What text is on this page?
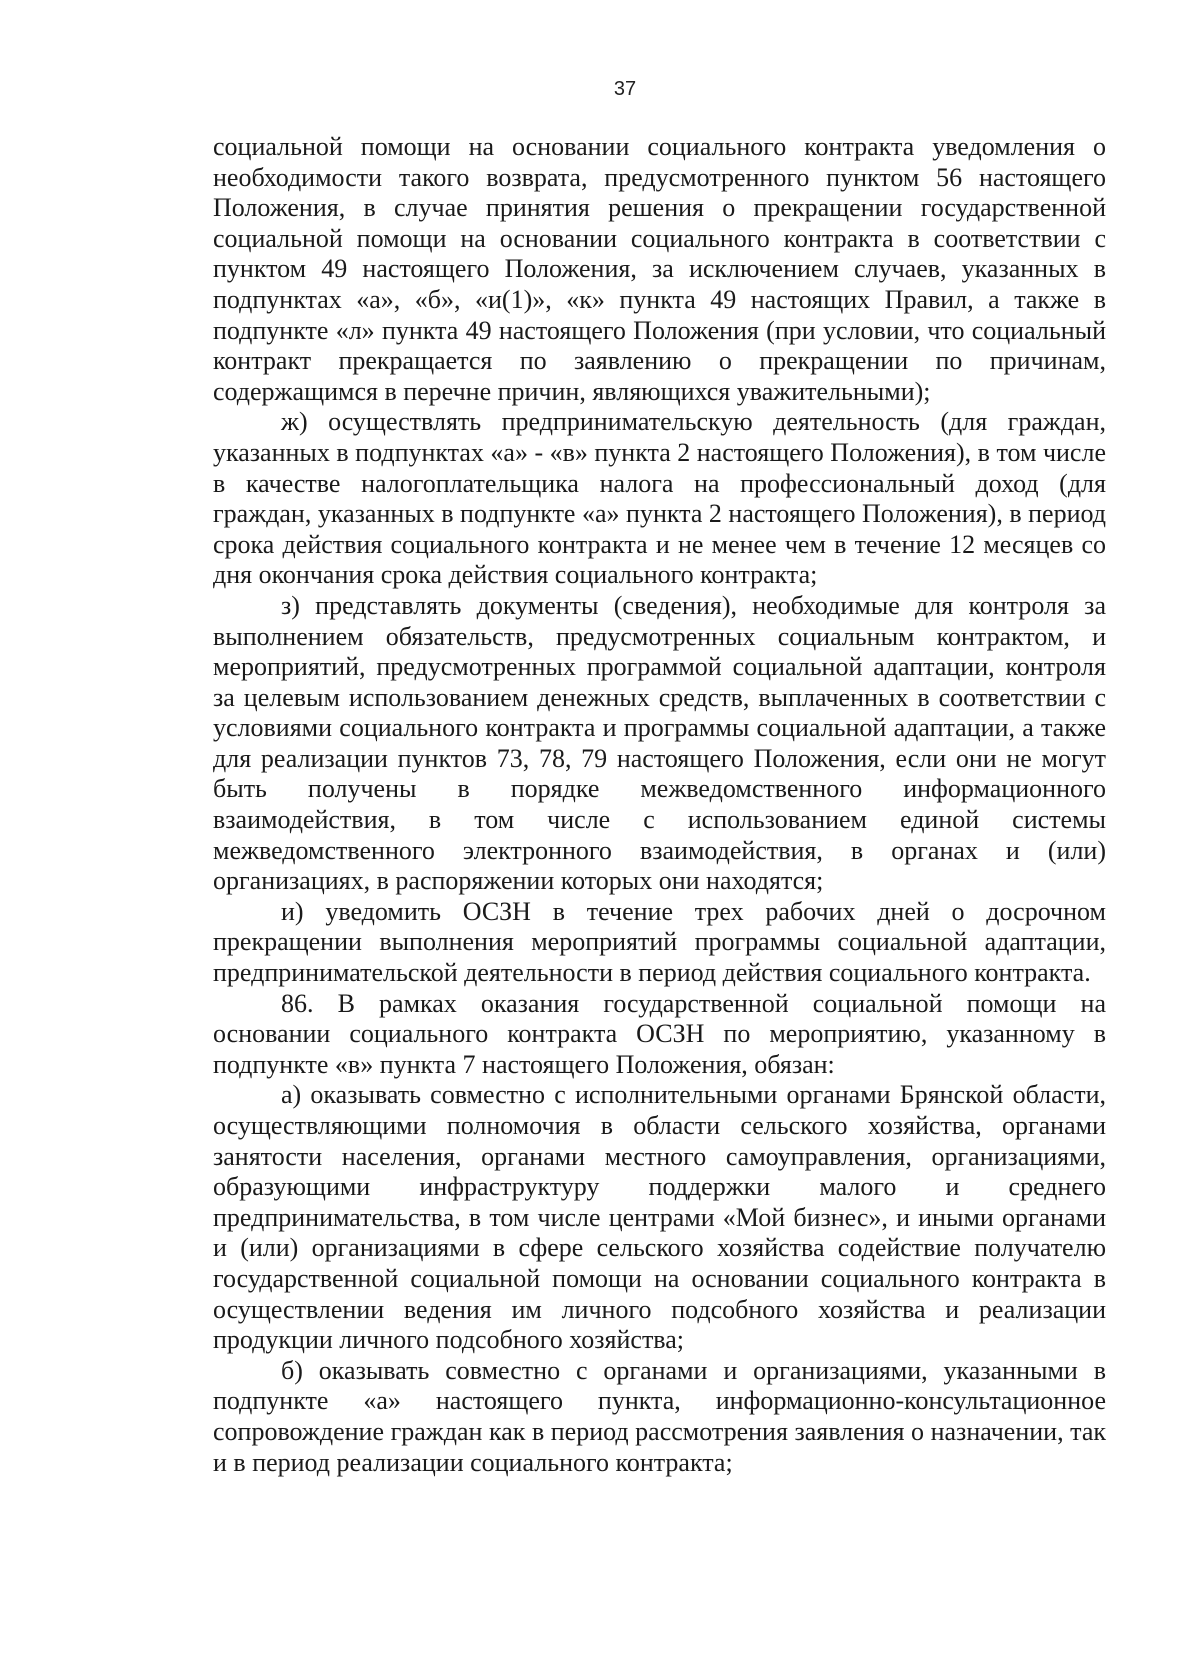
37

социальной помощи на основании социального контракта уведомления о необходимости такого возврата, предусмотренного пунктом 56 настоящего Положения, в случае принятия решения о прекращении государственной социальной помощи на основании социального контракта в соответствии с пунктом 49 настоящего Положения, за исключением случаев, указанных в подпунктах «а», «б», «и(1)», «к» пункта 49 настоящих Правил, а также в подпункте «л» пункта 49 настоящего Положения (при условии, что социальный контракт прекращается по заявлению о прекращении по причинам, содержащимся в перечне причин, являющихся уважительными);

ж) осуществлять предпринимательскую деятельность (для граждан, указанных в подпунктах «а» - «в» пункта 2 настоящего Положения), в том числе в качестве налогоплательщика налога на профессиональный доход (для граждан, указанных в подпункте «а» пункта 2 настоящего Положения), в период срока действия социального контракта и не менее чем в течение 12 месяцев со дня окончания срока действия социального контракта;

з) представлять документы (сведения), необходимые для контроля за выполнением обязательств, предусмотренных социальным контрактом, и мероприятий, предусмотренных программой социальной адаптации, контроля за целевым использованием денежных средств, выплаченных в соответствии с условиями социального контракта и программы социальной адаптации, а также для реализации пунктов 73, 78, 79 настоящего Положения, если они не могут быть получены в порядке межведомственного информационного взаимодействия, в том числе с использованием единой системы межведомственного электронного взаимодействия, в органах и (или) организациях, в распоряжении которых они находятся;

и) уведомить ОСЗН в течение трех рабочих дней о досрочном прекращении выполнения мероприятий программы социальной адаптации, предпринимательской деятельности в период действия социального контракта.

86. В рамках оказания государственной социальной помощи на основании социального контракта ОСЗН по мероприятию, указанному в подпункте «в» пункта 7 настоящего Положения, обязан:

а) оказывать совместно с исполнительными органами Брянской области, осуществляющими полномочия в области сельского хозяйства, органами занятости населения, органами местного самоуправления, организациями, образующими инфраструктуру поддержки малого и среднего предпринимательства, в том числе центрами «Мой бизнес», и иными органами и (или) организациями в сфере сельского хозяйства содействие получателю государственной социальной помощи на основании социального контракта в осуществлении ведения им личного подсобного хозяйства и реализации продукции личного подсобного хозяйства;

б) оказывать совместно с органами и организациями, указанными в подпункте «а» настоящего пункта, информационно-консультационное сопровождение граждан как в период рассмотрения заявления о назначении, так и в период реализации социального контракта;
